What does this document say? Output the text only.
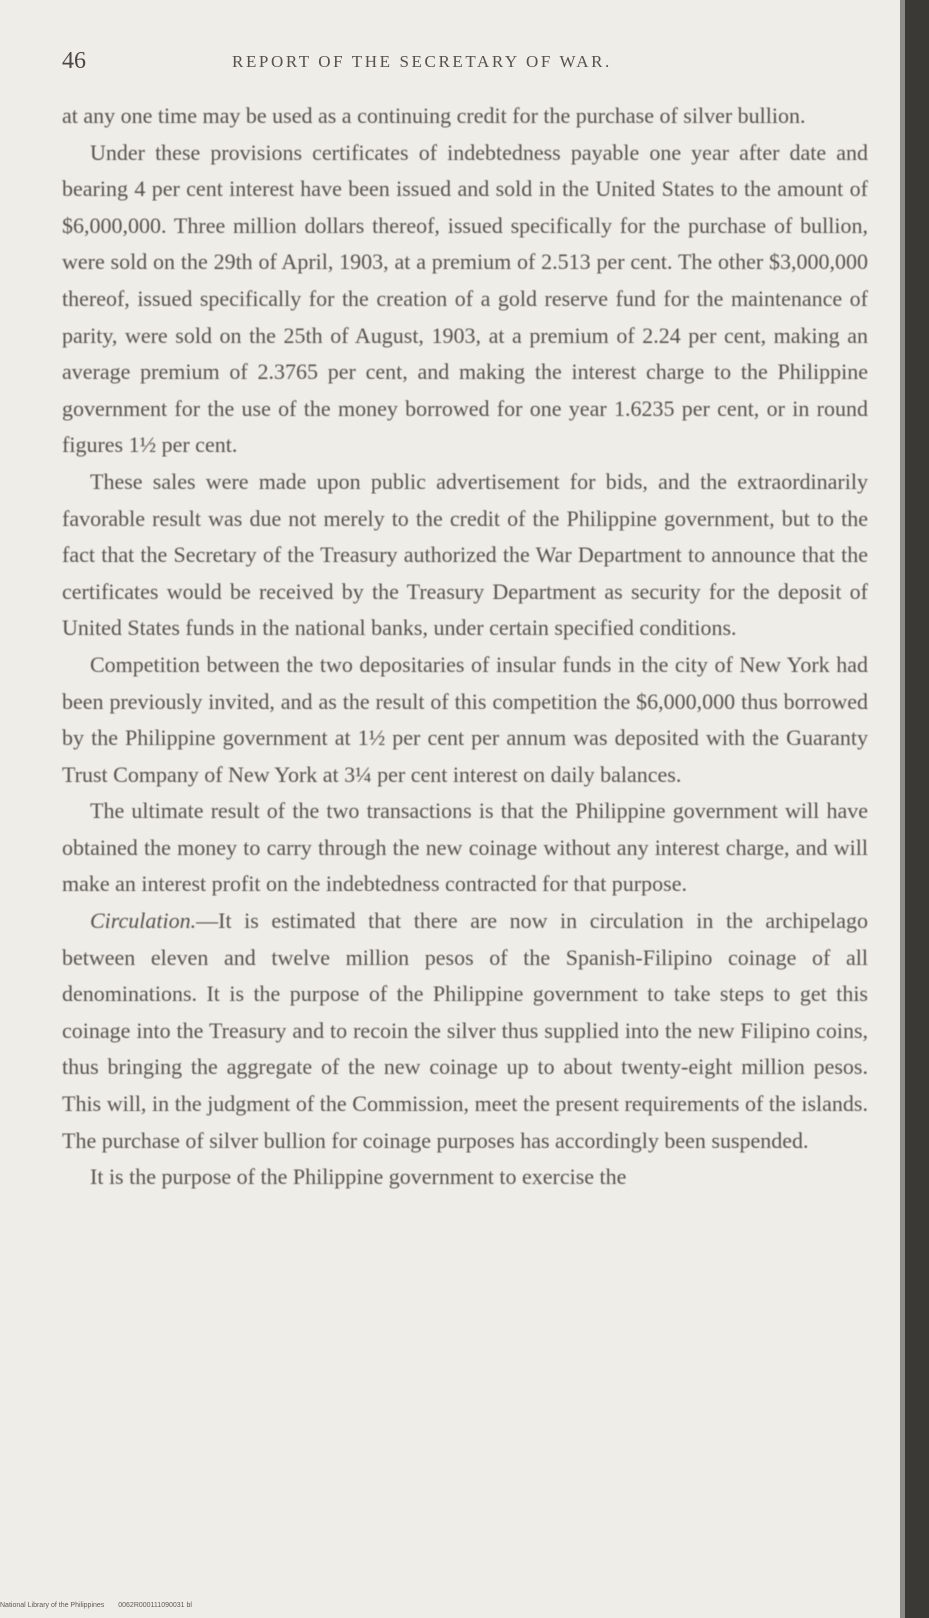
46	REPORT OF THE SECRETARY OF WAR.

at any one time may be used as a continuing credit for the purchase of silver bullion.

Under these provisions certificates of indebtedness payable one year after date and bearing 4 per cent interest have been issued and sold in the United States to the amount of $6,000,000. Three million dollars thereof, issued specifically for the purchase of bullion, were sold on the 29th of April, 1903, at a premium of 2.513 per cent. The other $3,000,000 thereof, issued specifically for the creation of a gold reserve fund for the maintenance of parity, were sold on the 25th of August, 1903, at a premium of 2.24 per cent, making an average premium of 2.3765 per cent, and making the interest charge to the Philippine government for the use of the money borrowed for one year 1.6235 per cent, or in round figures 1½ per cent.

These sales were made upon public advertisement for bids, and the extraordinarily favorable result was due not merely to the credit of the Philippine government, but to the fact that the Secretary of the Treasury authorized the War Department to announce that the certificates would be received by the Treasury Department as security for the deposit of United States funds in the national banks, under certain specified conditions.

Competition between the two depositaries of insular funds in the city of New York had been previously invited, and as the result of this competition the $6,000,000 thus borrowed by the Philippine government at 1½ per cent per annum was deposited with the Guaranty Trust Company of New York at 3¼ per cent interest on daily balances.

The ultimate result of the two transactions is that the Philippine government will have obtained the money to carry through the new coinage without any interest charge, and will make an interest profit on the indebtedness contracted for that purpose.

Circulation.—It is estimated that there are now in circulation in the archipelago between eleven and twelve million pesos of the Spanish-Filipino coinage of all denominations. It is the purpose of the Philippine government to take steps to get this coinage into the Treasury and to recoin the silver thus supplied into the new Filipino coins, thus bringing the aggregate of the new coinage up to about twenty-eight million pesos. This will, in the judgment of the Commission, meet the present requirements of the islands. The purchase of silver bullion for coinage purposes has accordingly been suspended.

It is the purpose of the Philippine government to exercise the

National Library of the Philippines 0062R000111090031 bl
